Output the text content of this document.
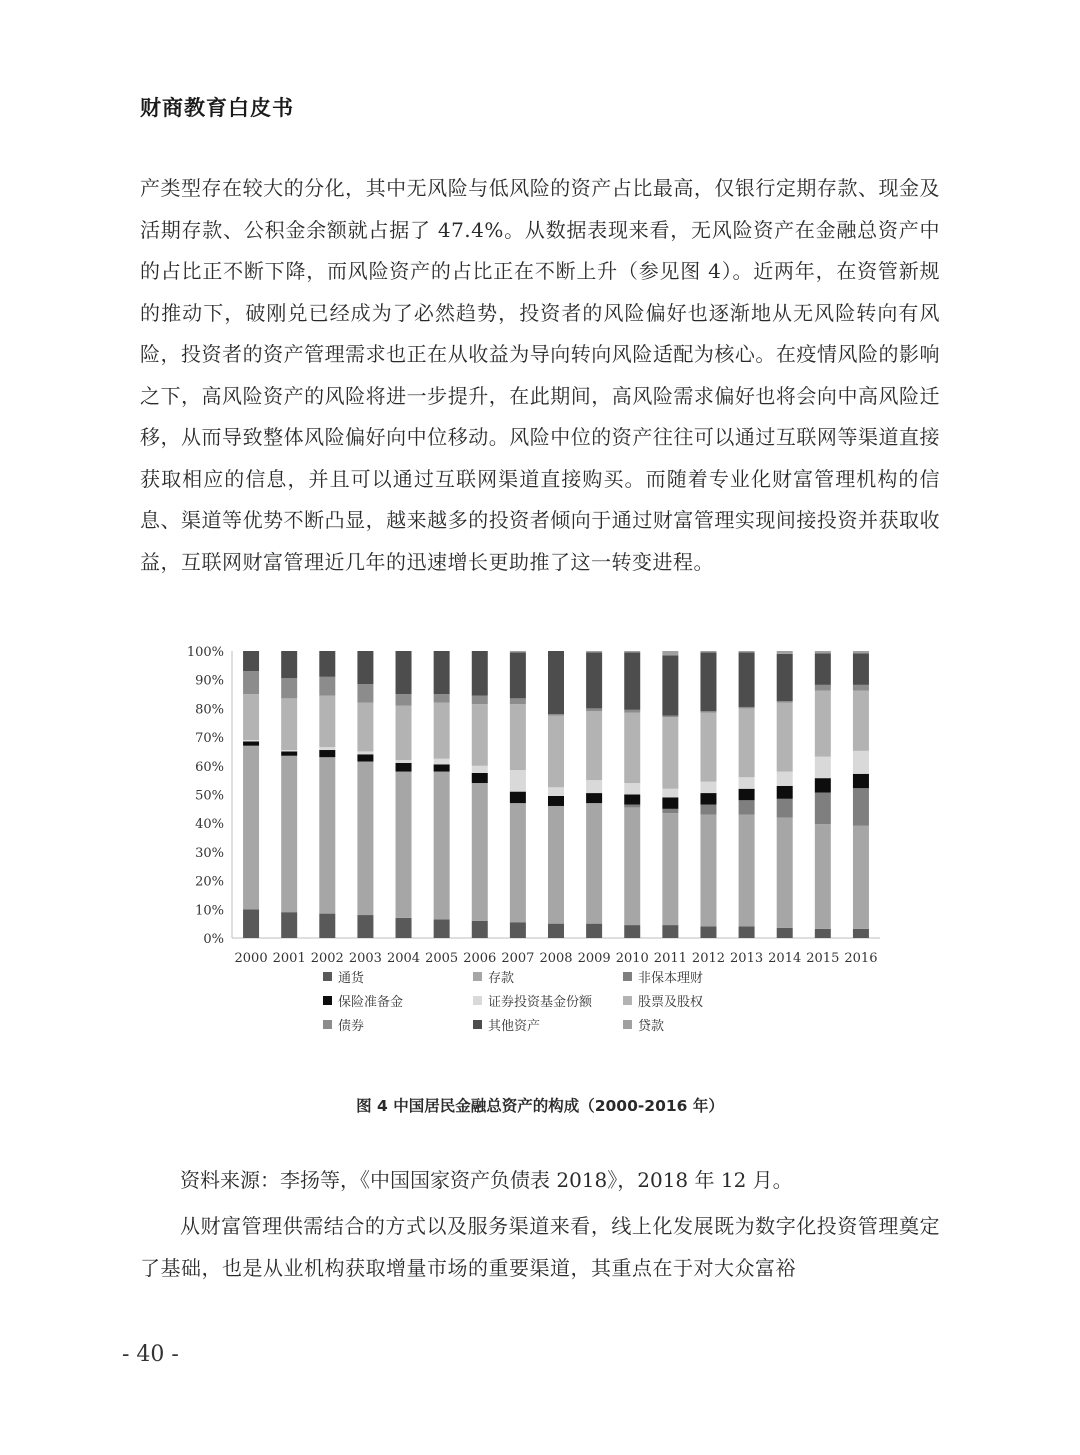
财商教育白皮书

产类型存在较大的分化，其中无风险与低风险的资产占比最高，仅银行定期存款、现金及活期存款、公积金余额就占据了 47.4%。从数据表现来看，无风险资产在金融总资产中的占比正不断下降，而风险资产的占比正在不断上升（参见图 4）。近两年，在资管新规的推动下，破刚兑已经成为了必然趋势，投资者的风险偏好也逐渐地从无风险转向有风险，投资者的资产管理需求也正在从收益为导向转向风险适配为核心。在疫情风险的影响之下，高风险资产的风险将进一步提升，在此期间，高风险需求偏好也将会向中高风险迁移，从而导致整体风险偏好向中位移动。风险中位的资产往往可以通过互联网等渠道直接获取相应的信息，并且可以通过互联网渠道直接购买。而随着专业化财富管理机构的信息、渠道等优势不断凸显，越来越多的投资者倾向于通过财富管理实现间接投资并获取收益，互联网财富管理近几年的迅速增长更助推了这一转变进程。

0%
10%
20%
30%
40%
50%
60%
70%
80%
90%
100%
2000 2001 2002 2003 2004 2005 2006 2007 2008 2009 2010 2011 2012 2013 2014 2015 2016
通货	存款	非保本理财
保险准备金	证券投资基金份额	股票及股权
债券	其他资产	贷款
图 4 中国居民金融总资产的构成（2000-2016 年）

资料来源：李扬等，《中国国家资产负债表 2018》，2018 年 12 月。

从财富管理供需结合的方式以及服务渠道来看，线上化发展既为数字化投资管理奠定了基础，也是从业机构获取增量市场的重要渠道，其重点在于对大众富裕

- 40 -
